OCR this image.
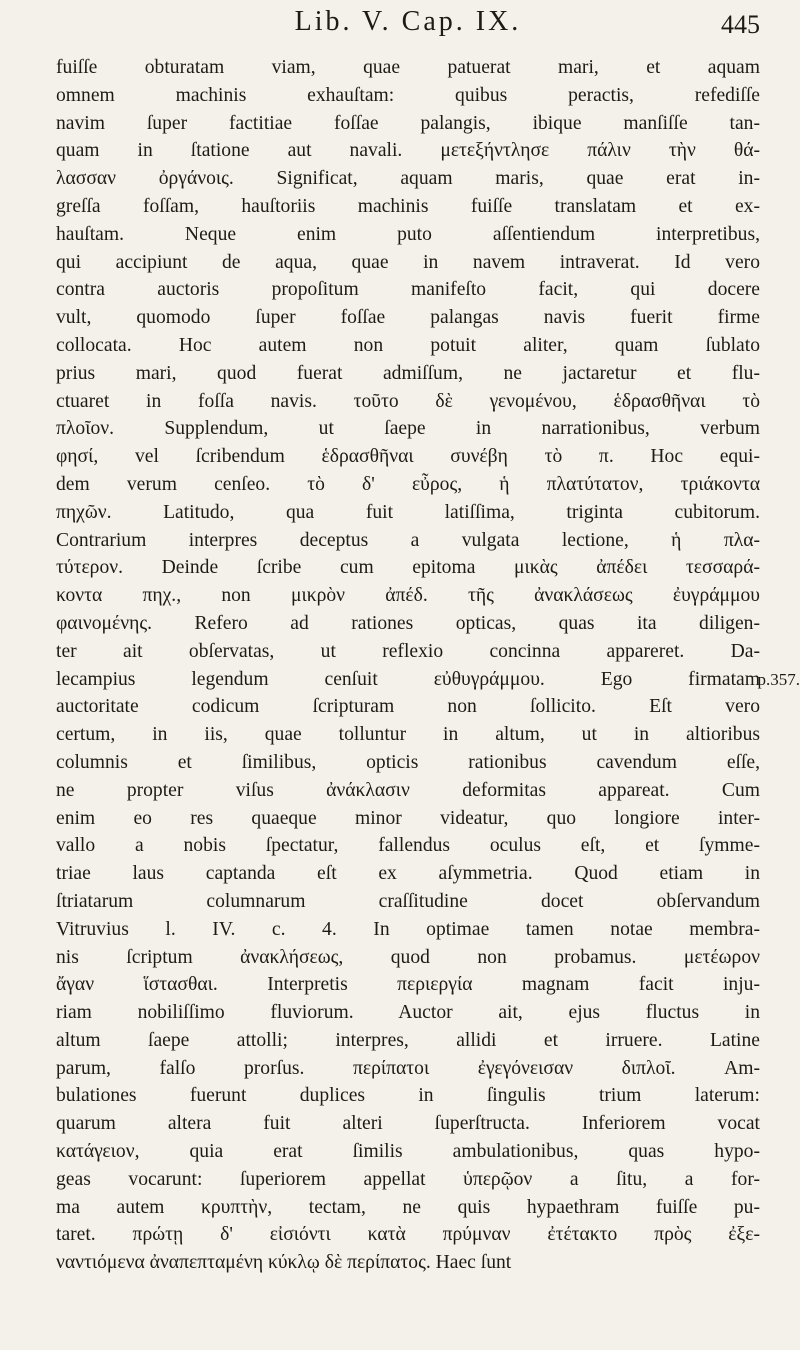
Lib. V. Cap. IX.	445
fuiſſe obturatam viam, quae patuerat mari, et aquam
omnem machinis exhauſtam: quibus peractis, refediſſe
navim ſuper factitiae foſſae palangis, ibique manſiſſe tan-
quam in ſtatione aut navali. μετεξήντλησε πάλιν τὴν θά-
λασσαν ὀργάνοις. Significat, aquam maris, quae erat in-
greſſa foſſam, hauſtoriis machinis fuiſſe translatam et ex-
hauſtam. Neque enim puto aſſentiendum interpretibus,
qui accipiunt de aqua, quae in navem intraverat. Id vero
contra auctoris propoſitum manifeſto facit, qui docere
vult, quomodo ſuper foſſae palangas navis fuerit firme
collocata. Hoc autem non potuit aliter, quam ſublato
prius mari, quod fuerat admiſſum, ne jactaretur et flu-
ctuaret in foſſa navis. τοῦτο δὲ γενομένου, ἑδρασθῆναι τὸ
πλοῖον. Supplendum, ut ſaepe in narrationibus, verbum
φησί, vel ſcribendum ἑδρασθῆναι συνέβη τὸ π. Hoc equi-
dem verum cenſeo. τὸ δ' εὖρος, ἡ πλατύτατον, τριάκοντα
πηχῶν. Latitudo, qua fuit latiſſima, triginta cubitorum.
Contrarium interpres deceptus a vulgata lectione, ἡ πλα-
τύτερον. Deinde ſcribe cum epitoma μικὰς ἀπέδει τεσσαρά-
κοντα πηχ., non μικρὸν ἀπέδ. τῆς ἀνακλάσεως ἐυγράμμου
φαινομένης. Refero ad rationes opticas, quas ita diligen-
ter ait obſervatas, ut reflexio concinna appareret. Da-
lecampius legendum cenſuit εὐθυγράμμου. Ego firmatam
p.357.
auctoritate codicum ſcripturam non ſollicito. Eſt vero
certum, in iis, quae tolluntur in altum, ut in altioribus
columnis et ſimilibus, opticis rationibus cavendum eſſe,
ne propter viſus ἀνάκλασιν deformitas appareat. Cum
enim eo res quaeque minor videatur, quo longiore inter-
vallo a nobis ſpectatur, fallendus oculus eſt, et ſymme-
triae laus captanda eſt ex aſymmetria. Quod etiam in
ſtriatarum columnarum craſſitudine docet obſervandum
Vitruvius l. IV. c. 4. In optimae tamen notae membra-
nis ſcriptum ἀνακλήσεως, quod non probamus. μετέωρον
ἄγαν ἵστασθαι. Interpretis περιεργία magnam facit inju-
riam nobiliſſimo fluviorum. Auctor ait, ejus fluctus in
altum ſaepe attolli; interpres, allidi et irruere. Latine
parum, falſo prorſus. περίπατοι ἐγεγόνεισαν διπλοῖ. Am-
bulationes fuerunt duplices in ſingulis trium laterum:
quarum altera fuit alteri ſuperſtructa. Inferiorem vocat
κατάγειον, quia erat ſimilis ambulationibus, quas hypo-
geas vocarunt: ſuperiorem appellat ὑπερῷον a ſitu, a for-
ma autem κρυπτὴν, tectam, ne quis hypaethram fuiſſe pu-
taret. πρώτῃ δ' εἰσιόντι κατὰ πρύμναν ἐτέτακτο πρὸς ἐξε-
ναντιόμενα ἀναπεπταμένη κύκλῳ δὲ περίπατος. Haec ſunt
